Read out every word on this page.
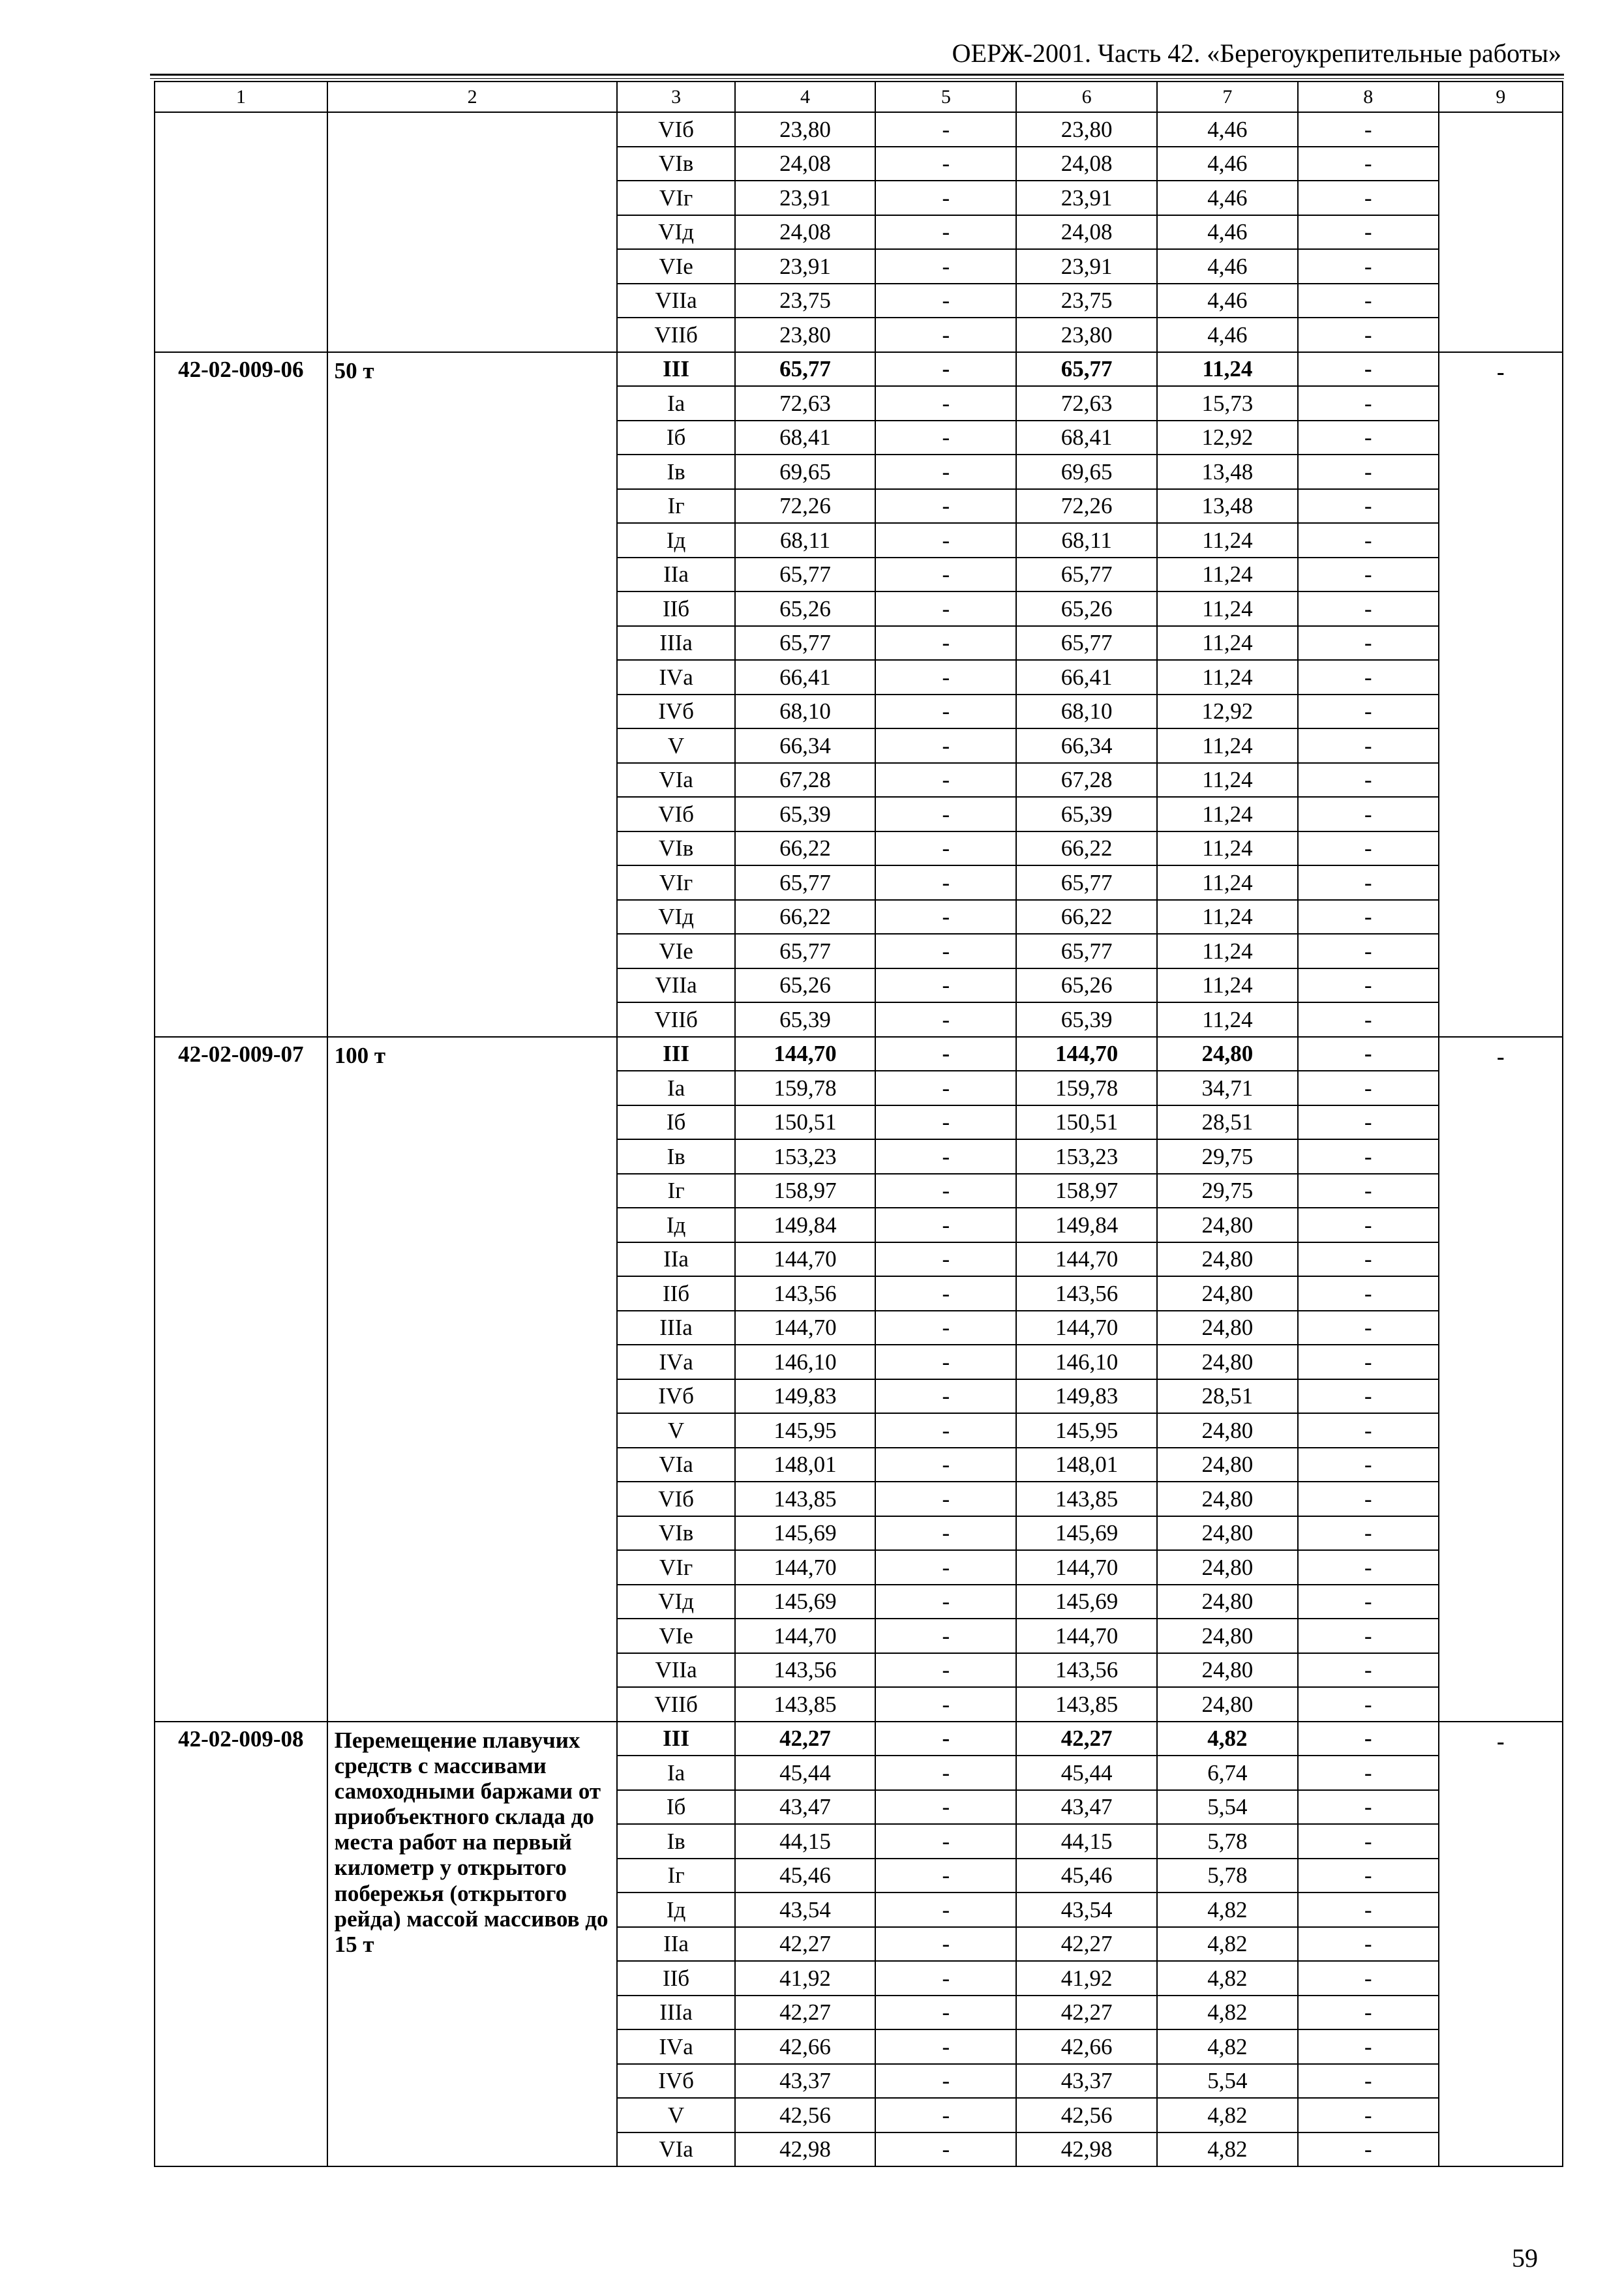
ОЕРЖ-2001. Часть 42. «Берегоукрепительные работы»
1	2	3	4	5	6	7	8	9
		VIб	23,80	-	23,80	4,46	-	
		VIв	24,08	-	24,08	4,46	-	
		VIг	23,91	-	23,91	4,46	-	
		VIд	24,08	-	24,08	4,46	-	
		VIе	23,91	-	23,91	4,46	-	
		VIIа	23,75	-	23,75	4,46	-	
		VIIб	23,80	-	23,80	4,46	-	
42-02-009-06	50 т	III	65,77	-	65,77	11,24	-	-
		Iа	72,63	-	72,63	15,73	-	
		Iб	68,41	-	68,41	12,92	-	
		Iв	69,65	-	69,65	13,48	-	
		Iг	72,26	-	72,26	13,48	-	
		Iд	68,11	-	68,11	11,24	-	
		IIа	65,77	-	65,77	11,24	-	
		IIб	65,26	-	65,26	11,24	-	
		IIIа	65,77	-	65,77	11,24	-	
		IVа	66,41	-	66,41	11,24	-	
		IVб	68,10	-	68,10	12,92	-	
		V	66,34	-	66,34	11,24	-	
		VIа	67,28	-	67,28	11,24	-	
		VIб	65,39	-	65,39	11,24	-	
		VIв	66,22	-	66,22	11,24	-	
		VIг	65,77	-	65,77	11,24	-	
		VIд	66,22	-	66,22	11,24	-	
		VIе	65,77	-	65,77	11,24	-	
		VIIа	65,26	-	65,26	11,24	-	
		VIIб	65,39	-	65,39	11,24	-	
42-02-009-07	100 т	III	144,70	-	144,70	24,80	-	-
		Iа	159,78	-	159,78	34,71	-	
		Iб	150,51	-	150,51	28,51	-	
		Iв	153,23	-	153,23	29,75	-	
		Iг	158,97	-	158,97	29,75	-	
		Iд	149,84	-	149,84	24,80	-	
		IIа	144,70	-	144,70	24,80	-	
		IIб	143,56	-	143,56	24,80	-	
		IIIа	144,70	-	144,70	24,80	-	
		IVа	146,10	-	146,10	24,80	-	
		IVб	149,83	-	149,83	28,51	-	
		V	145,95	-	145,95	24,80	-	
		VIа	148,01	-	148,01	24,80	-	
		VIб	143,85	-	143,85	24,80	-	
		VIв	145,69	-	145,69	24,80	-	
		VIг	144,70	-	144,70	24,80	-	
		VIд	145,69	-	145,69	24,80	-	
		VIе	144,70	-	144,70	24,80	-	
		VIIа	143,56	-	143,56	24,80	-	
		VIIб	143,85	-	143,85	24,80	-	
42-02-009-08	Перемещение плавучих средств с массивами самоходными баржами от приобъектного склада до места работ на первый километр у открытого побережья (открытого рейда) массой массивов до 15 т	III	42,27	-	42,27	4,82	-	-
		Iа	45,44	-	45,44	6,74	-	
		Iб	43,47	-	43,47	5,54	-	
		Iв	44,15	-	44,15	5,78	-	
		Iг	45,46	-	45,46	5,78	-	
		Iд	43,54	-	43,54	4,82	-	
		IIа	42,27	-	42,27	4,82	-	
		IIб	41,92	-	41,92	4,82	-	
		IIIа	42,27	-	42,27	4,82	-	
		IVа	42,66	-	42,66	4,82	-	
		IVб	43,37	-	43,37	5,54	-	
		V	42,56	-	42,56	4,82	-	
		VIа	42,98	-	42,98	4,82	-	
59
